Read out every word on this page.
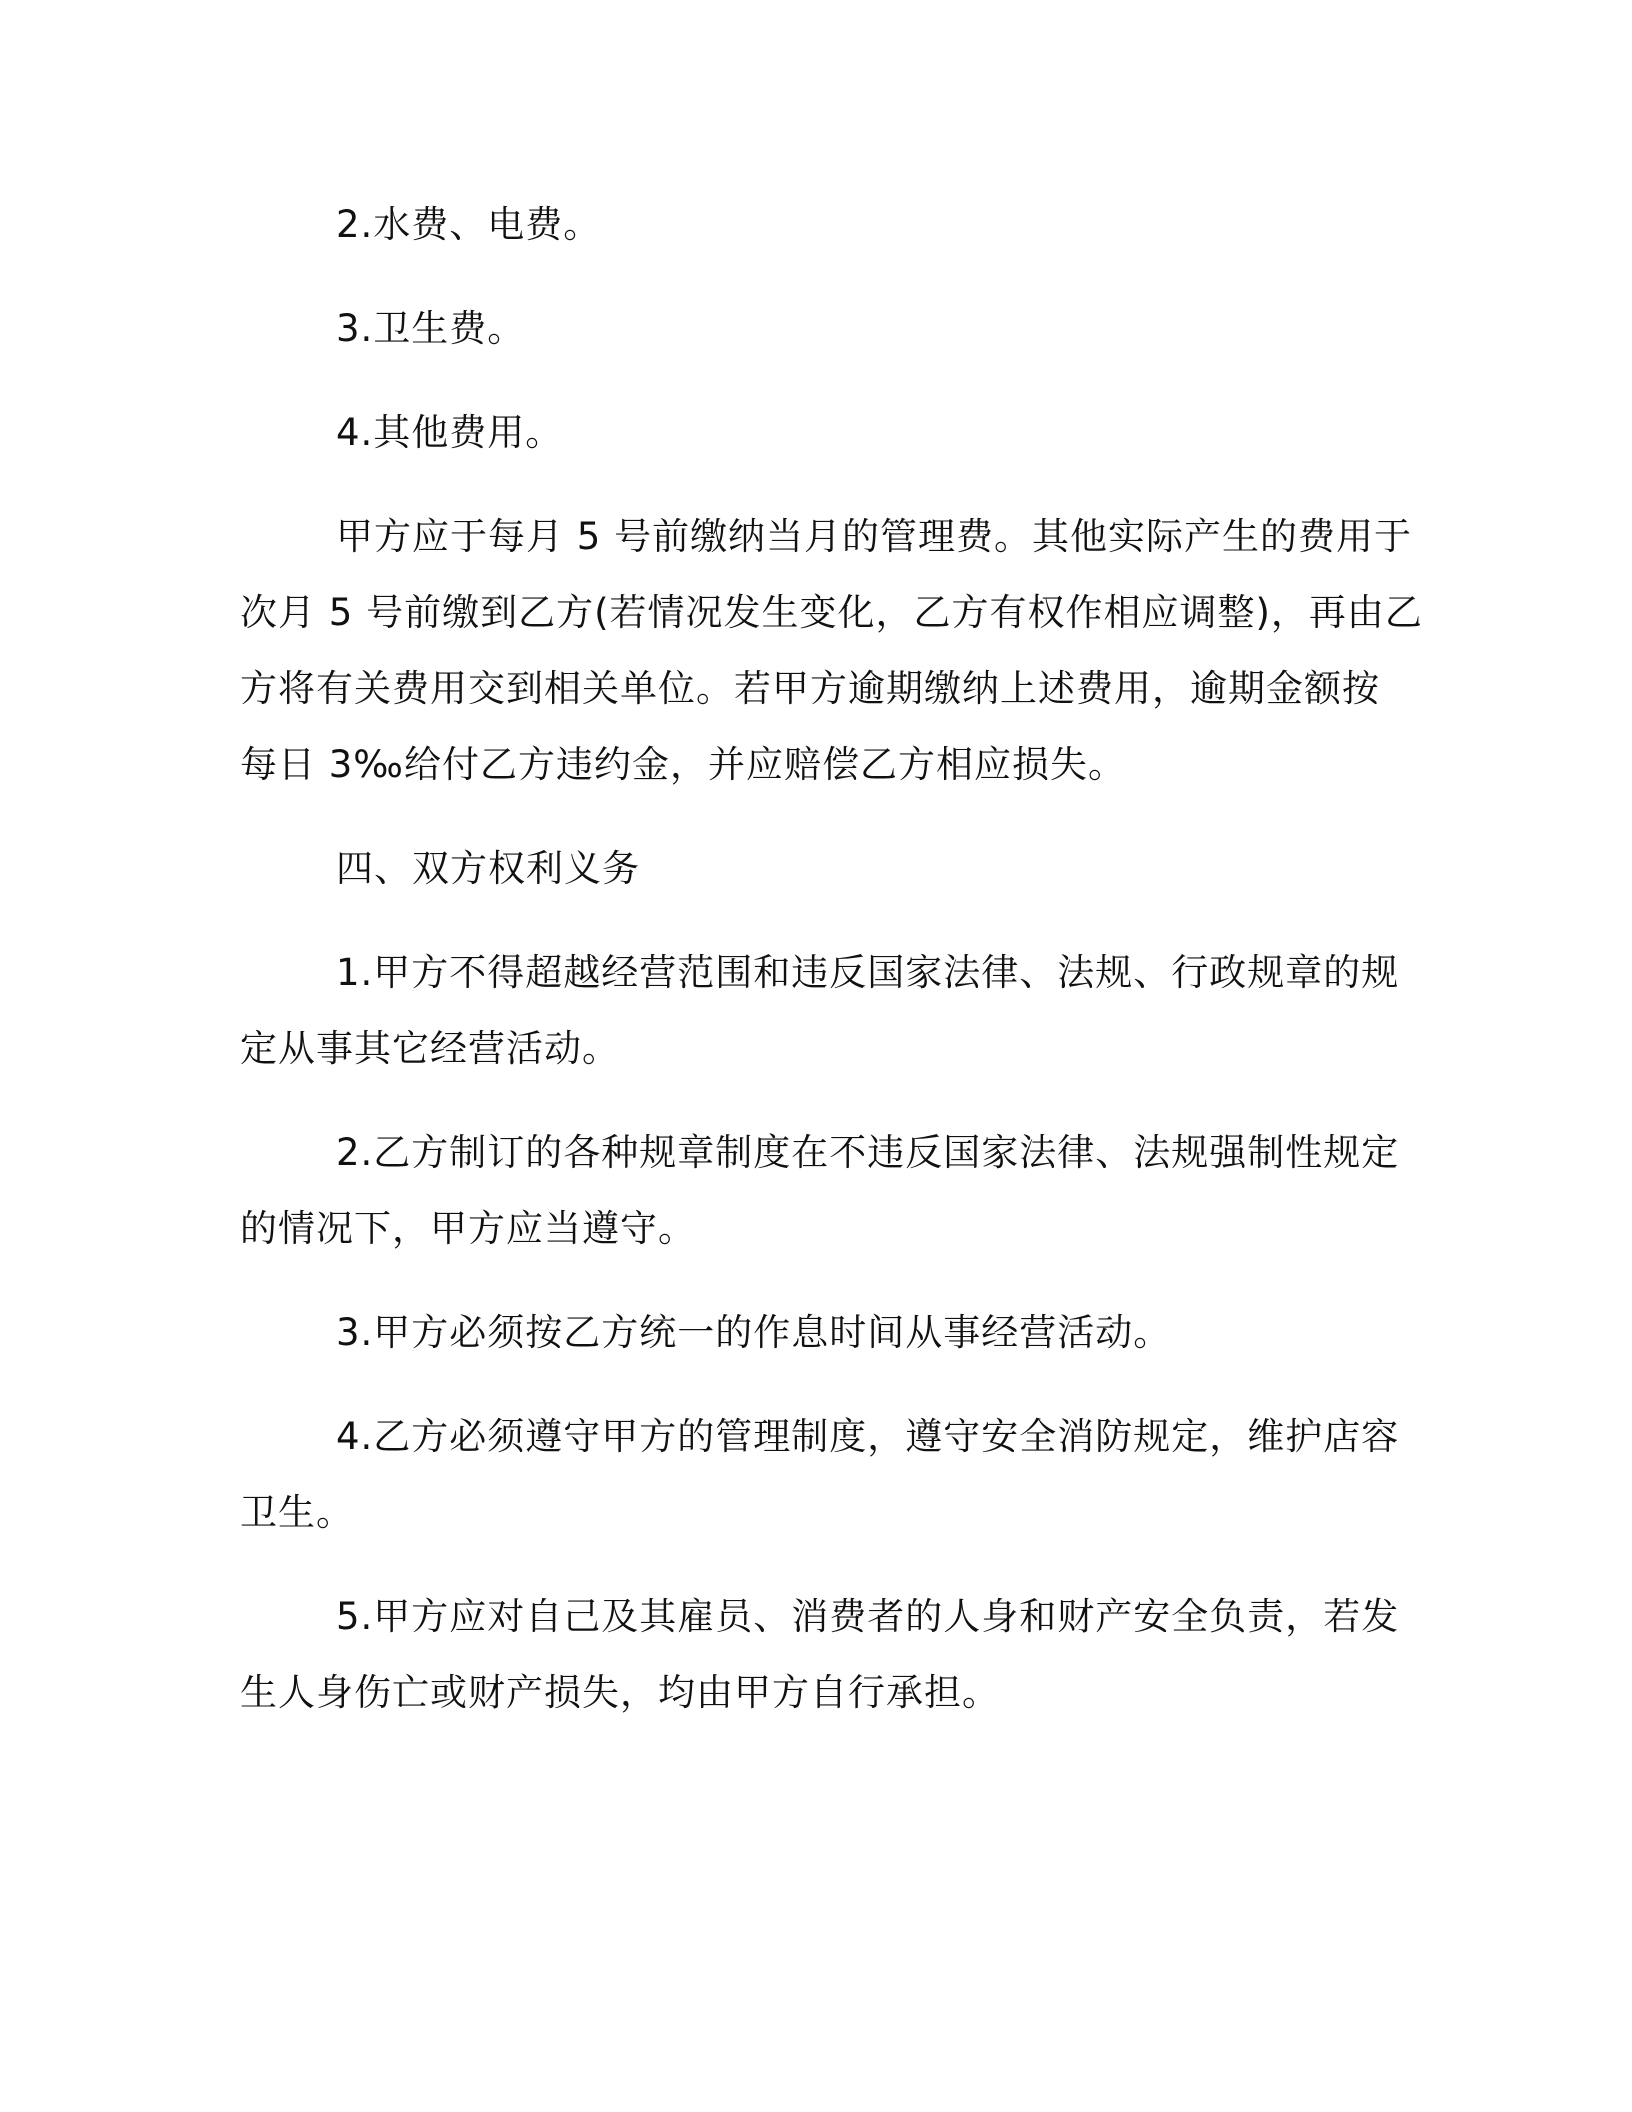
2.水费、电费。
3.卫生费。
4.其他费用。
甲方应于每月 5 号前缴纳当月的管理费。其他实际产生的费用于
次月 5 号前缴到乙方(若情况发生变化，乙方有权作相应调整)，再由乙
方将有关费用交到相关单位。若甲方逾期缴纳上述费用，逾期金额按
每日 3‰给付乙方违约金，并应赔偿乙方相应损失。
四、双方权利义务
1.甲方不得超越经营范围和违反国家法律、法规、行政规章的规
定从事其它经营活动。
2.乙方制订的各种规章制度在不违反国家法律、法规强制性规定
的情况下，甲方应当遵守。
3.甲方必须按乙方统一的作息时间从事经营活动。
4.乙方必须遵守甲方的管理制度，遵守安全消防规定，维护店容
卫生。
5.甲方应对自己及其雇员、消费者的人身和财产安全负责，若发
生人身伤亡或财产损失，均由甲方自行承担。
